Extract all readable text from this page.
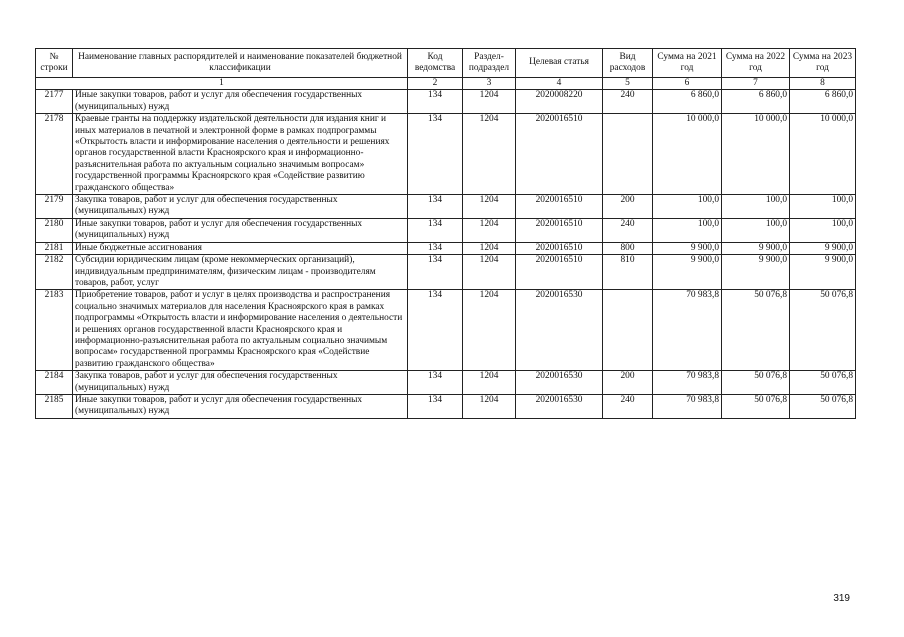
№ строки	Наименование главных распорядителей и наименование показателей бюджетной классификации	Код ведомства	Раздел-подраздел	Целевая статья	Вид расходов	Сумма на 2021 год	Сумма на 2022 год	Сумма на 2023 год
1		2	3	4	5	6	7	8
2177	Иные закупки товаров, работ и услуг для обеспечения государственных (муниципальных) нужд	134	1204	2020008220	240	6 860,0	6 860,0	6 860,0
2178	Краевые гранты на поддержку издательской деятельности для издания книг и иных материалов в печатной и электронной форме в рамках подпрограммы «Открытость власти и информирование населения о деятельности и решениях органов государственной власти Красноярского края и информационно-разъяснительная работа по актуальным социально значимым вопросам» государственной программы Красноярского края «Содействие развитию гражданского общества»	134	1204	2020016510		10 000,0	10 000,0	10 000,0
2179	Закупка товаров, работ и услуг для обеспечения государственных (муниципальных) нужд	134	1204	2020016510	200	100,0	100,0	100,0
2180	Иные закупки товаров, работ и услуг для обеспечения государственных (муниципальных) нужд	134	1204	2020016510	240	100,0	100,0	100,0
2181	Иные бюджетные ассигнования	134	1204	2020016510	800	9 900,0	9 900,0	9 900,0
2182	Субсидии юридическим лицам (кроме некоммерческих организаций), индивидуальным предпринимателям, физическим лицам - производителям товаров, работ, услуг	134	1204	2020016510	810	9 900,0	9 900,0	9 900,0
2183	Приобретение товаров, работ и услуг в целях производства и распространения социально значимых материалов для населения Красноярского края в рамках подпрограммы «Открытость власти и информирование населения о деятельности и решениях органов государственной власти Красноярского края и информационно-разъяснительная работа по актуальным социально значимым вопросам» государственной программы Красноярского края «Содействие развитию гражданского общества»	134	1204	2020016530		70 983,8	50 076,8	50 076,8
2184	Закупка товаров, работ и услуг для обеспечения государственных (муниципальных) нужд	134	1204	2020016530	200	70 983,8	50 076,8	50 076,8
2185	Иные закупки товаров, работ и услуг для обеспечения государственных (муниципальных) нужд	134	1204	2020016530	240	70 983,8	50 076,8	50 076,8
319
